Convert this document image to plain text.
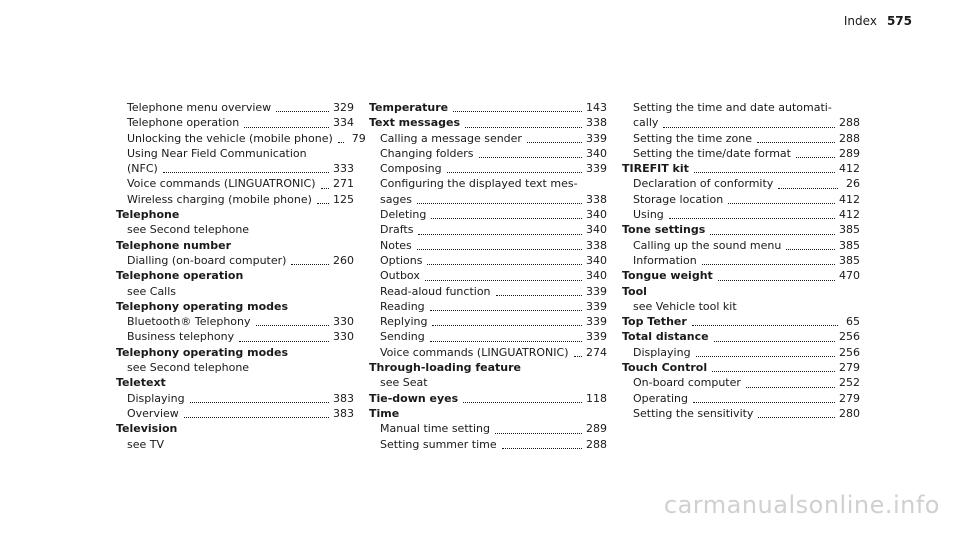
Index 575
Telephone menu overview	329
Telephone operation	334
Unlocking the vehicle (mobile phone)	79
Using Near Field Communication
(NFC)	333
Voice commands (LINGUATRONIC) 271
Wireless charging (mobile phone) 125
Telephone
see Second telephone
Telephone number
Dialling (on-board computer)	260
Telephone operation
see Calls
Telephony operating modes
Bluetooth® Telephony	330
Business telephony	330
Telephony operating modes
see Second telephone
Teletext
Displaying	383
Overview	383
Television
see TV
Temperature	143
Text messages	338
Calling a message sender	339
Changing folders	340
Composing	339
Configuring the displayed text mes-
sages	338
Deleting	340
Drafts	340
Notes	338
Options	340
Outbox	340
Read-aloud function	339
Reading	339
Replying	339
Sending	339
Voice commands (LINGUATRONIC) 274
Through-loading feature
see Seat
Tie-down eyes	118
Time
Manual time setting	289
Setting summer time	288
Setting the time and date automati-
cally	288
Setting the time zone	288
Setting the time/date format	289
TIREFIT kit	412
Declaration of conformity	26
Storage location	412
Using	412
Tone settings	385
Calling up the sound menu	385
Information	385
Tongue weight	470
Tool
see Vehicle tool kit
Top Tether	65
Total distance	256
Displaying	256
Touch Control	279
On-board computer	252
Operating	279
Setting the sensitivity	280
carmanualsonline.info
